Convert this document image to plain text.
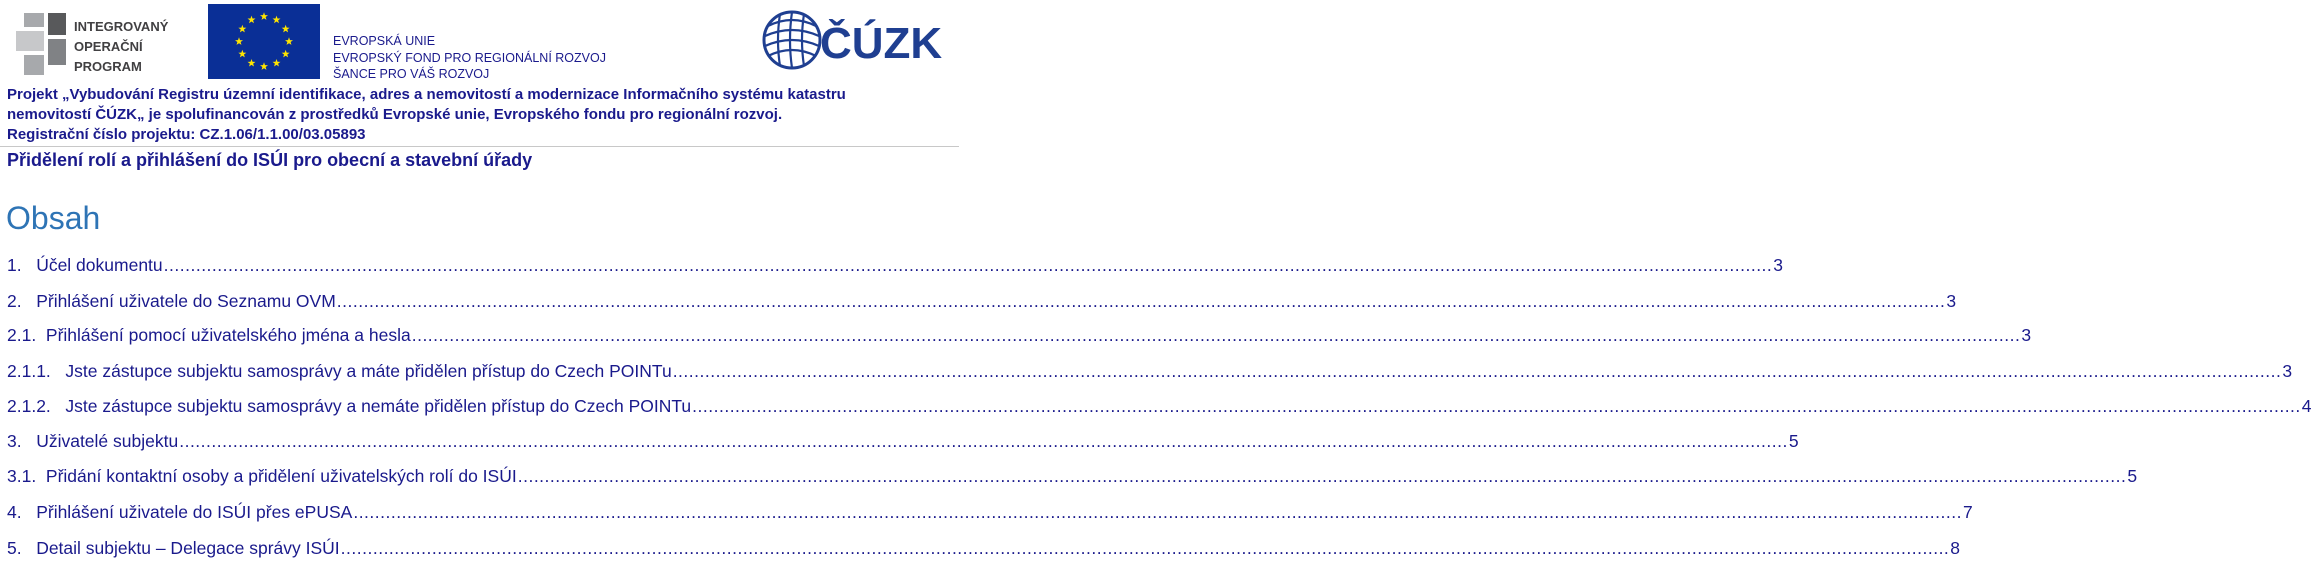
INTEGROVANÝ
OPERAČNÍ
PROGRAM
EVROPSKÁ UNIE
EVROPSKÝ FOND PRO REGIONÁLNÍ ROZVOJ
ŠANCE PRO VÁŠ ROZVOJ
ČÚZK
Projekt „Vybudování Registru územní identifikace, adres a nemovitostí a modernizace Informačního systému katastru
nemovitostí ČÚZK„ je spolufinancován z prostředků Evropské unie, Evropského fondu pro regionální rozvoj.
Registrační číslo projektu: CZ.1.06/1.1.00/03.05893
Přidělení rolí a přihlášení do ISÚI pro obecní a stavební úřady
Obsah
1. Účel dokumentu ............................................................................................................................................................................................................................................................................................................ 3
2. Přihlášení uživatele do Seznamu OVM ............................................................................................................................................................................................................................................................................................................ 3
2.1. Přihlášení pomocí uživatelského jména a hesla ............................................................................................................................................................................................................................................................................................................ 3
2.1.1. Jste zástupce subjektu samosprávy a máte přidělen přístup do Czech POINTu ............................................................................................................................................................................................................................................................................................................ 3
2.1.2. Jste zástupce subjektu samosprávy a nemáte přidělen přístup do Czech POINTu ............................................................................................................................................................................................................................................................................................................ 4
3. Uživatelé subjektu ............................................................................................................................................................................................................................................................................................................ 5
3.1. Přidání kontaktní osoby a přidělení uživatelských rolí do ISÚI ............................................................................................................................................................................................................................................................................................................ 5
4. Přihlášení uživatele do ISÚI přes ePUSA ............................................................................................................................................................................................................................................................................................................ 7
5. Detail subjektu – Delegace správy ISÚI ............................................................................................................................................................................................................................................................................................................ 8
